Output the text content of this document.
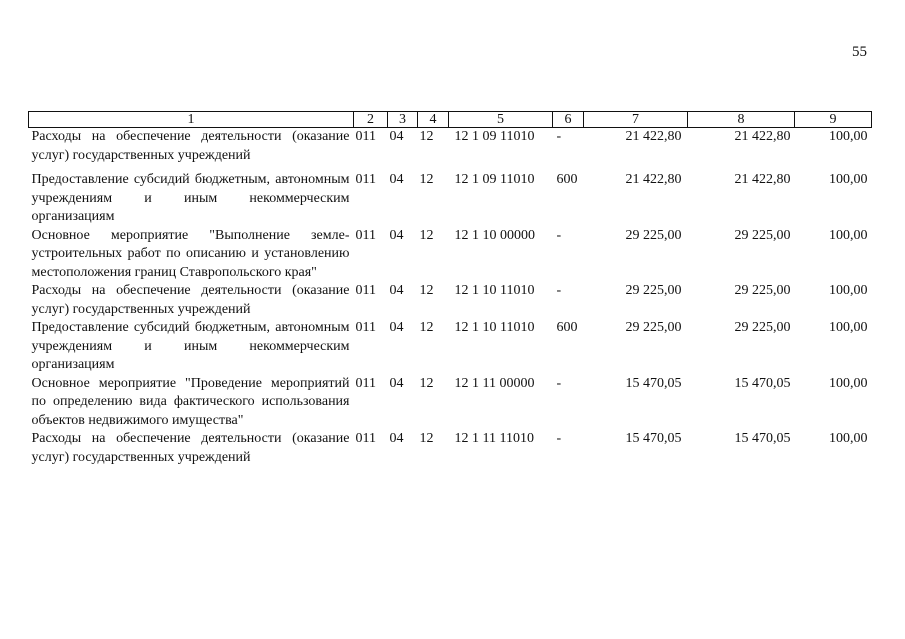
55
1	2	3	4	5	6	7	8	9
Расходы на обеспечение деятельности (оказание услуг) государственных учреждений	011	04	12	12 1 09 11010	-	21 422,80	21 422,80	100,00
Предоставление субсидий бюджетным, автономным учреждениям и иным некоммерческим организациям	011	04	12	12 1 09 11010	600	21 422,80	21 422,80	100,00
Основное мероприятие "Выполнение землеустроительных работ по описанию и установлению местоположения границ Ставропольского края"	011	04	12	12 1 10 00000	-	29 225,00	29 225,00	100,00
Расходы на обеспечение деятельности (оказание услуг) государственных учреждений	011	04	12	12 1 10 11010	-	29 225,00	29 225,00	100,00
Предоставление субсидий бюджетным, автономным учреждениям и иным некоммерческим организациям	011	04	12	12 1 10 11010	600	29 225,00	29 225,00	100,00
Основное мероприятие "Проведение мероприятий по определению вида фактического использования объектов недвижимого имущества"	011	04	12	12 1 11 00000	-	15 470,05	15 470,05	100,00
Расходы на обеспечение деятельности (оказание услуг) государственных учреждений	011	04	12	12 1 11 11010	-	15 470,05	15 470,05	100,00
